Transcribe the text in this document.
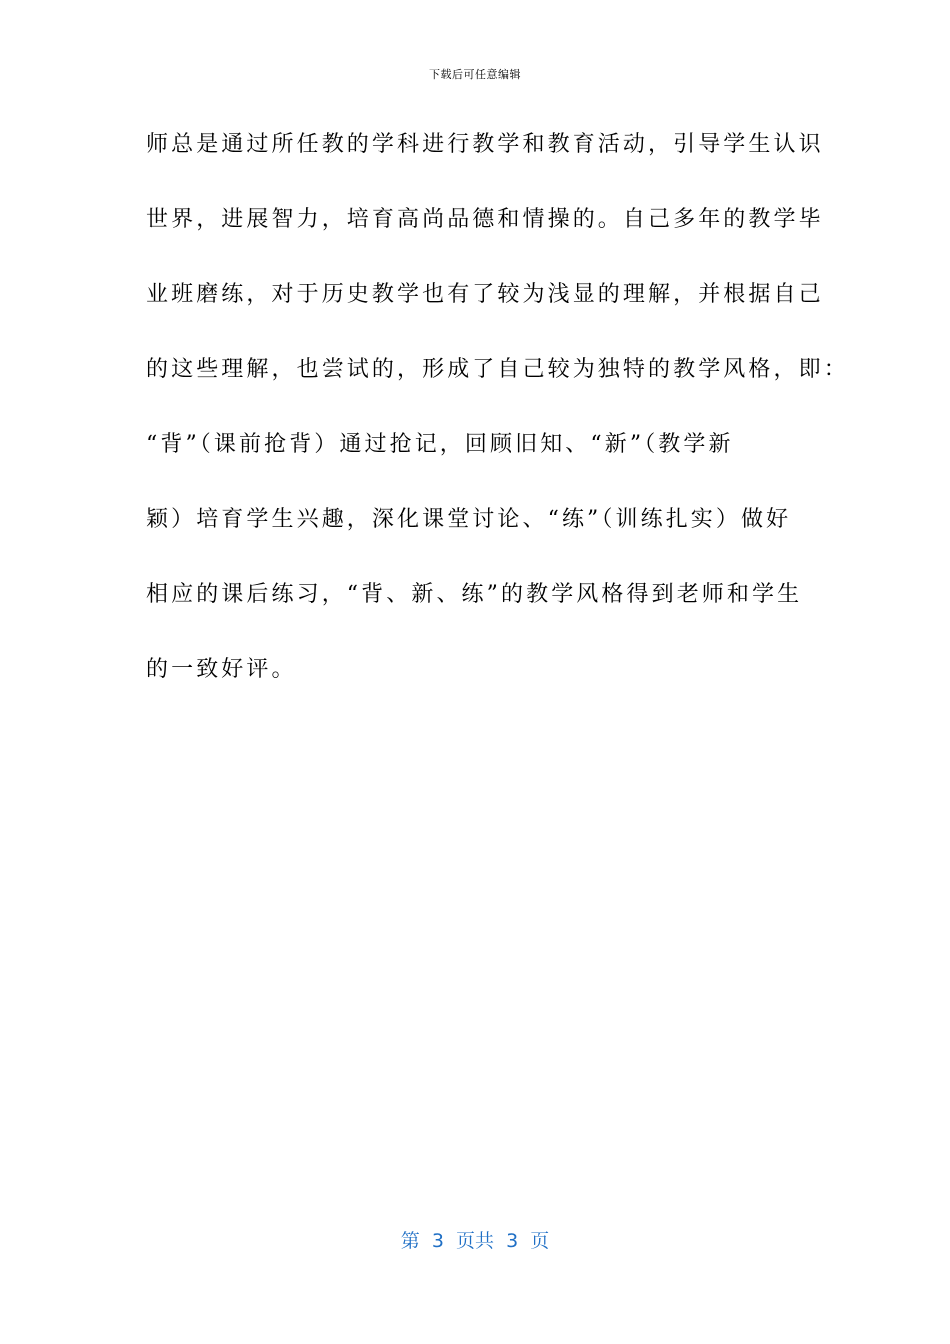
下载后可任意编辑
师总是通过所任教的学科进行教学和教育活动，引导学生认识
世界，进展智力，培育高尚品德和情操的。自己多年的教学毕
业班磨练，对于历史教学也有了较为浅显的理解，并根据自己
的这些理解，也尝试的，形成了自己较为独特的教学风格，即：
“背”（课前抢背）通过抢记，回顾旧知、“新”（教学新
颖）培育学生兴趣，深化课堂讨论、“练”（训练扎实）做好
相应的课后练习，“背、新、练”的教学风格得到老师和学生
的一致好评。
第  3  页共  3  页
